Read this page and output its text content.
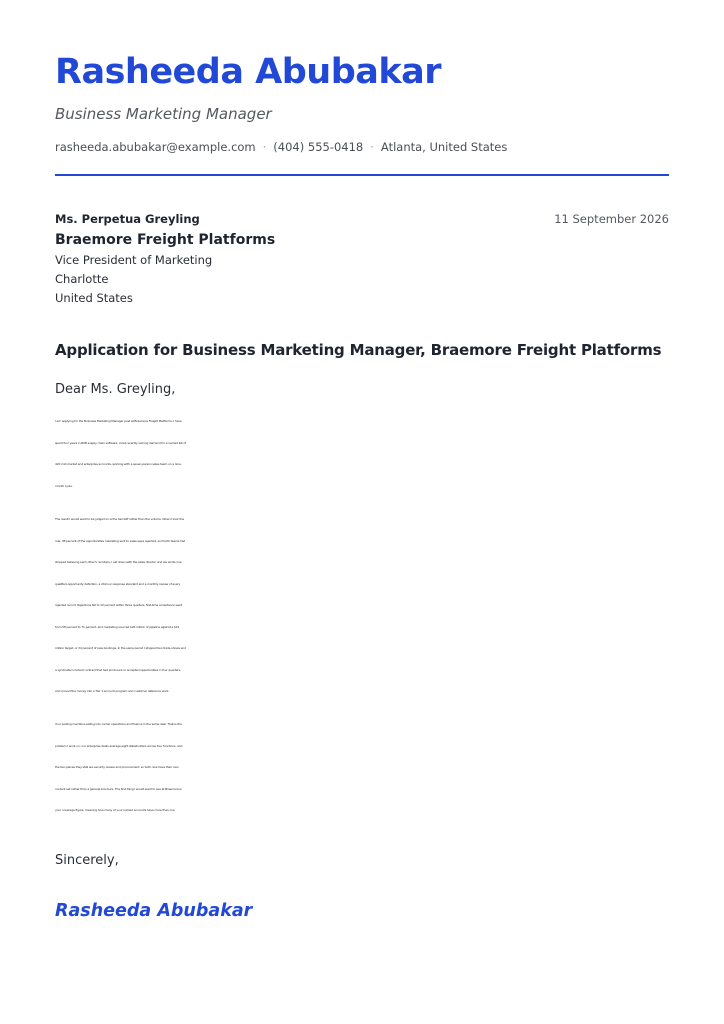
Rasheeda Abubakar
Business Marketing Manager
rasheeda.abubakar@example.com · (404) 555-0418 · Atlanta, United States
Ms. Perpetua Greyling	11 September 2026
Braemore Freight Platforms
Vice President of Marketing
Charlotte
United States
Application for Business Marketing Manager, Braemore Freight Platforms
Dear Ms. Greyling,
I am applying for the Business Marketing Manager post at Braemore Freight Platforms. I have
spent four years in B2B supply chain software, most recently owning demand for a named list of
420 mid-market and enterprise accounts, working with a seven-person sales team on a nine-
month cycle.
The result I would want to be judged on is the handoff rather than the volume. When I took the
role, 38 percent of the opportunities marketing sent to sales were rejected, and both teams had
stopped believing each other's numbers. I sat down with the sales director and we wrote one
qualified-opportunity definition, a 24-hour response standard and a monthly review of every
rejected record. Rejections fell to 12 percent within three quarters, first-time acceptance went
from 58 percent to 71 percent, and marketing sourced $26 million of pipeline against a $21
million target, or 34 percent of new bookings. In the same period I stopped two trade shows and
a syndicated content contract that had produced no accepted opportunities in four quarters,
and moved the money into a Tier 1 account program and customer reference work.
Your posting mentions selling into carrier operations and finance in the same deal. That is the
problem I work on: our enterprise deals average eight stakeholders across four functions, and
the two places they stall are security review and procurement, so both now have their own
content set rather than a general brochure. The first thing I would want to see at Braemore is
your coverage figure, meaning how many of your named accounts have more than one
Sincerely,
Rasheeda Abubakar
